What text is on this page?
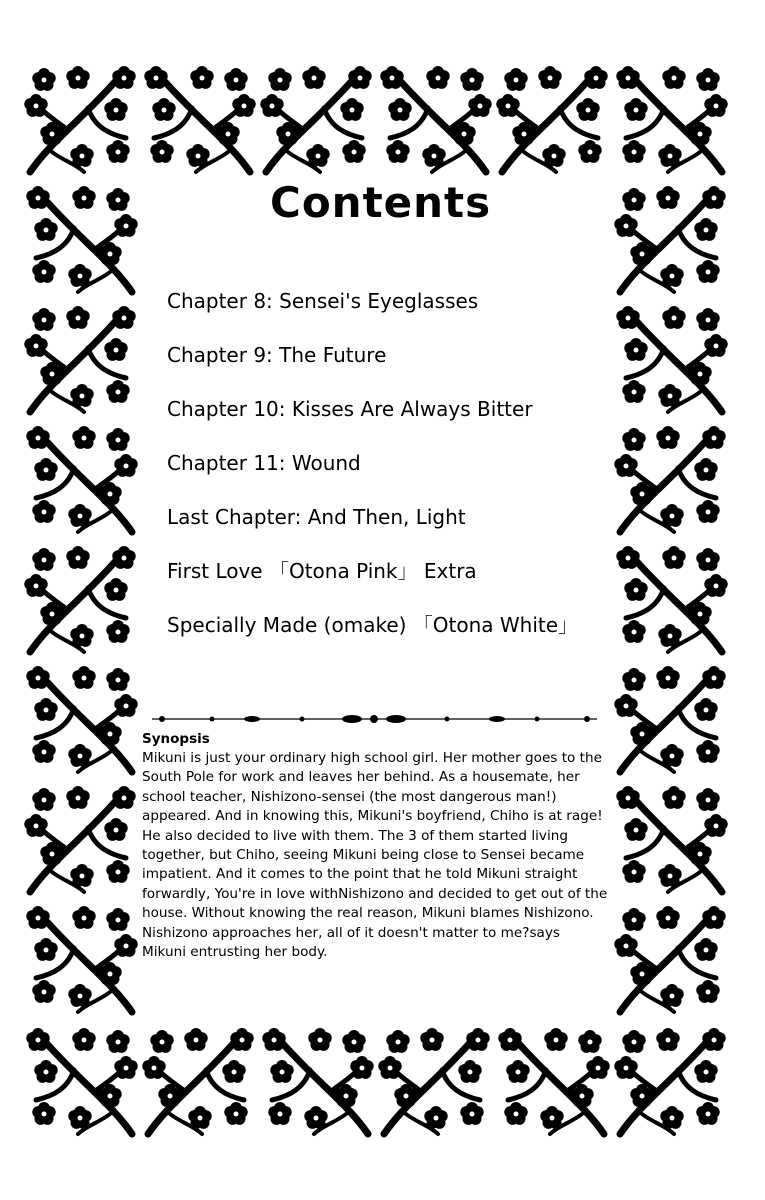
Contents
Chapter 8: Sensei's Eyeglasses
Chapter 9: The Future
Chapter 10: Kisses Are Always Bitter
Chapter 11: Wound
Last Chapter: And Then, Light
First Love 「Otona Pink」 Extra
Specially Made (omake) 「Otona White」
Synopsis

Mikuni is just your ordinary high school girl. Her mother goes to the South Pole for work and leaves her behind. As a housemate, her school teacher, Nishizono-sensei (the most dangerous man!) appeared. And in knowing this, Mikuni's boyfriend, Chiho is at rage! He also decided to live with them. The 3 of them started living together, but Chiho, seeing Mikuni being close to Sensei became impatient. And it comes to the point that he told Mikuni straight forwardly, You're in love withNishizono and decided to get out of the house. Without knowing the real reason, Mikuni blames Nishizono. Nishizono approaches her, all of it doesn't matter to me?says Mikuni entrusting her body.
